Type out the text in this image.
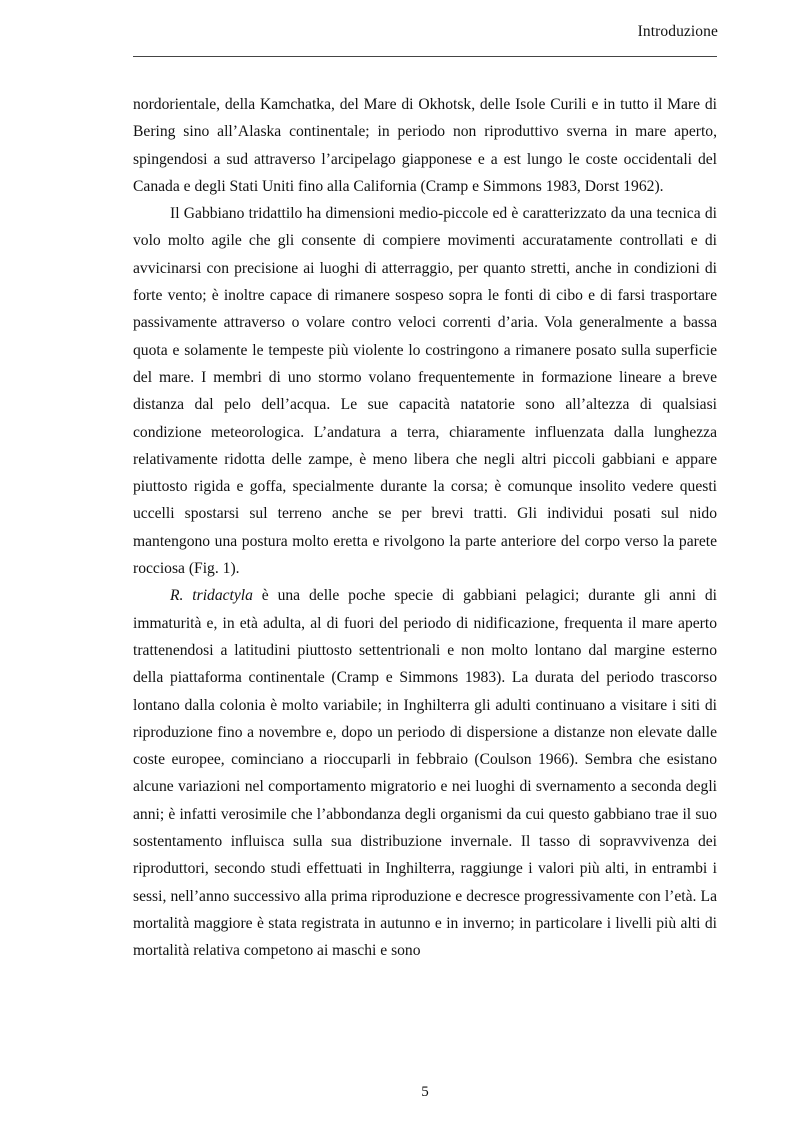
Introduzione

nordorientale, della Kamchatka, del Mare di Okhotsk, delle Isole Curili e in tutto il Mare di Bering sino all’Alaska continentale; in periodo non riproduttivo sverna in mare aperto, spingendosi a sud attraverso l’arcipelago giapponese e a est lungo le coste occidentali del Canada e degli Stati Uniti fino alla California (Cramp e Simmons 1983, Dorst 1962).

Il Gabbiano tridattilo ha dimensioni medio-piccole ed è caratterizzato da una tecnica di volo molto agile che gli consente di compiere movimenti accuratamente controllati e di avvicinarsi con precisione ai luoghi di atterraggio, per quanto stretti, anche in condizioni di forte vento; è inoltre capace di rimanere sospeso sopra le fonti di cibo e di farsi trasportare passivamente attraverso o volare contro veloci correnti d’aria. Vola generalmente a bassa quota e solamente le tempeste più violente lo costringono a rimanere posato sulla superficie del mare. I membri di uno stormo volano frequentemente in formazione lineare a breve distanza dal pelo dell’acqua. Le sue capacità natatorie sono all’altezza di qualsiasi condizione meteorologica. L’andatura a terra, chiaramente influenzata dalla lunghezza relativamente ridotta delle zampe, è meno libera che negli altri piccoli gabbiani e appare piuttosto rigida e goffa, specialmente durante la corsa; è comunque insolito vedere questi uccelli spostarsi sul terreno anche se per brevi tratti. Gli individui posati sul nido mantengono una postura molto eretta e rivolgono la parte anteriore del corpo verso la parete rocciosa (Fig. 1).

R. tridactyla è una delle poche specie di gabbiani pelagici; durante gli anni di immaturità e, in età adulta, al di fuori del periodo di nidificazione, frequenta il mare aperto trattenendosi a latitudini piuttosto settentrionali e non molto lontano dal margine esterno della piattaforma continentale (Cramp e Simmons 1983). La durata del periodo trascorso lontano dalla colonia è molto variabile; in Inghilterra gli adulti continuano a visitare i siti di riproduzione fino a novembre e, dopo un periodo di dispersione a distanze non elevate dalle coste europee, cominciano a rioccuparli in febbraio (Coulson 1966). Sembra che esistano alcune variazioni nel comportamento migratorio e nei luoghi di svernamento a seconda degli anni; è infatti verosimile che l’abbondanza degli organismi da cui questo gabbiano trae il suo sostentamento influisca sulla sua distribuzione invernale. Il tasso di sopravvivenza dei riproduttori, secondo studi effettuati in Inghilterra, raggiunge i valori più alti, in entrambi i sessi, nell’anno successivo alla prima riproduzione e decresce progressivamente con l’età. La mortalità maggiore è stata registrata in autunno e in inverno; in particolare i livelli più alti di mortalità relativa competono ai maschi e sono

5
